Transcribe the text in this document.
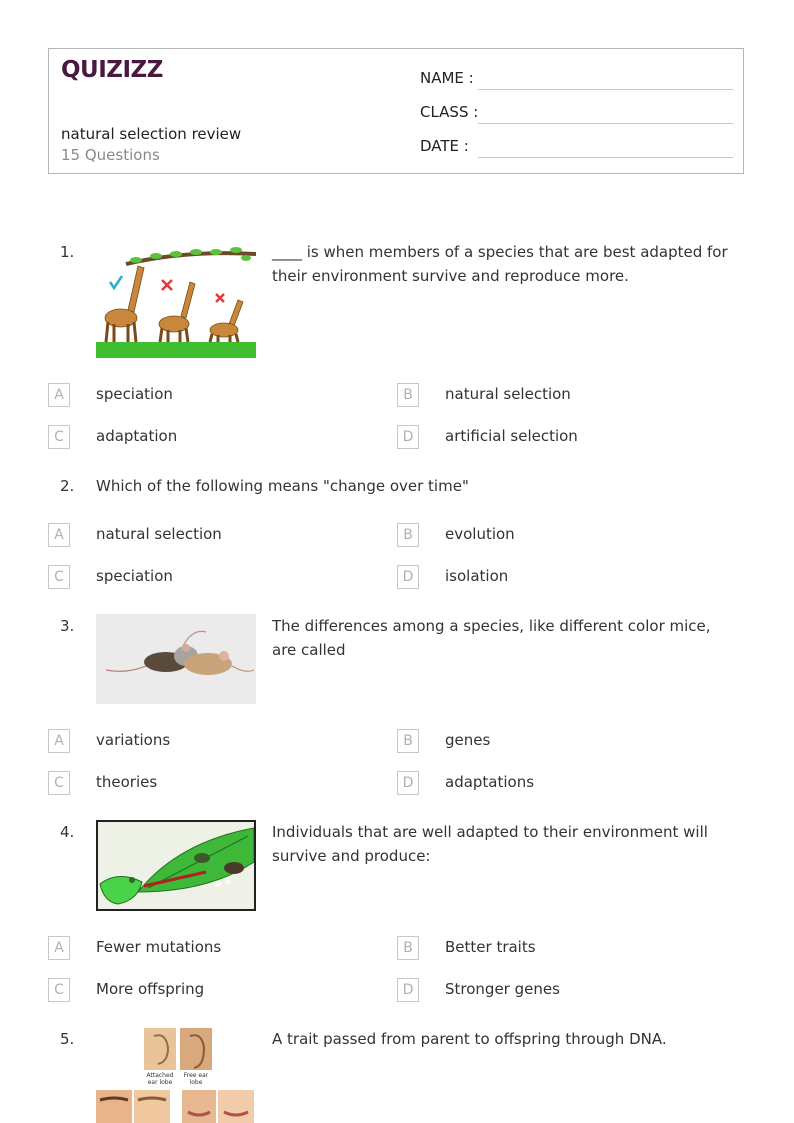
QUIZIZZ
natural selection review
15 Questions
NAME :
CLASS :
DATE :
1.	____ is when members of a species that are best adapted for their environment survive and reproduce more.
A	speciation	B	natural selection
C	adaptation	D	artificial selection
2. Which of the following means "change over time"
A	natural selection	B	evolution
C	speciation	D	isolation
3.	The differences among a species, like different color mice, are called
A	variations	B	genes
C	theories	D	adaptations
4.	Individuals that are well adapted to their environment will survive and produce:
A	Fewer mutations	B	Better traits
C	More offspring	D	Stronger genes
5.
Attached ear lobe
Free ear lobe
A trait passed from parent to offspring through DNA.
